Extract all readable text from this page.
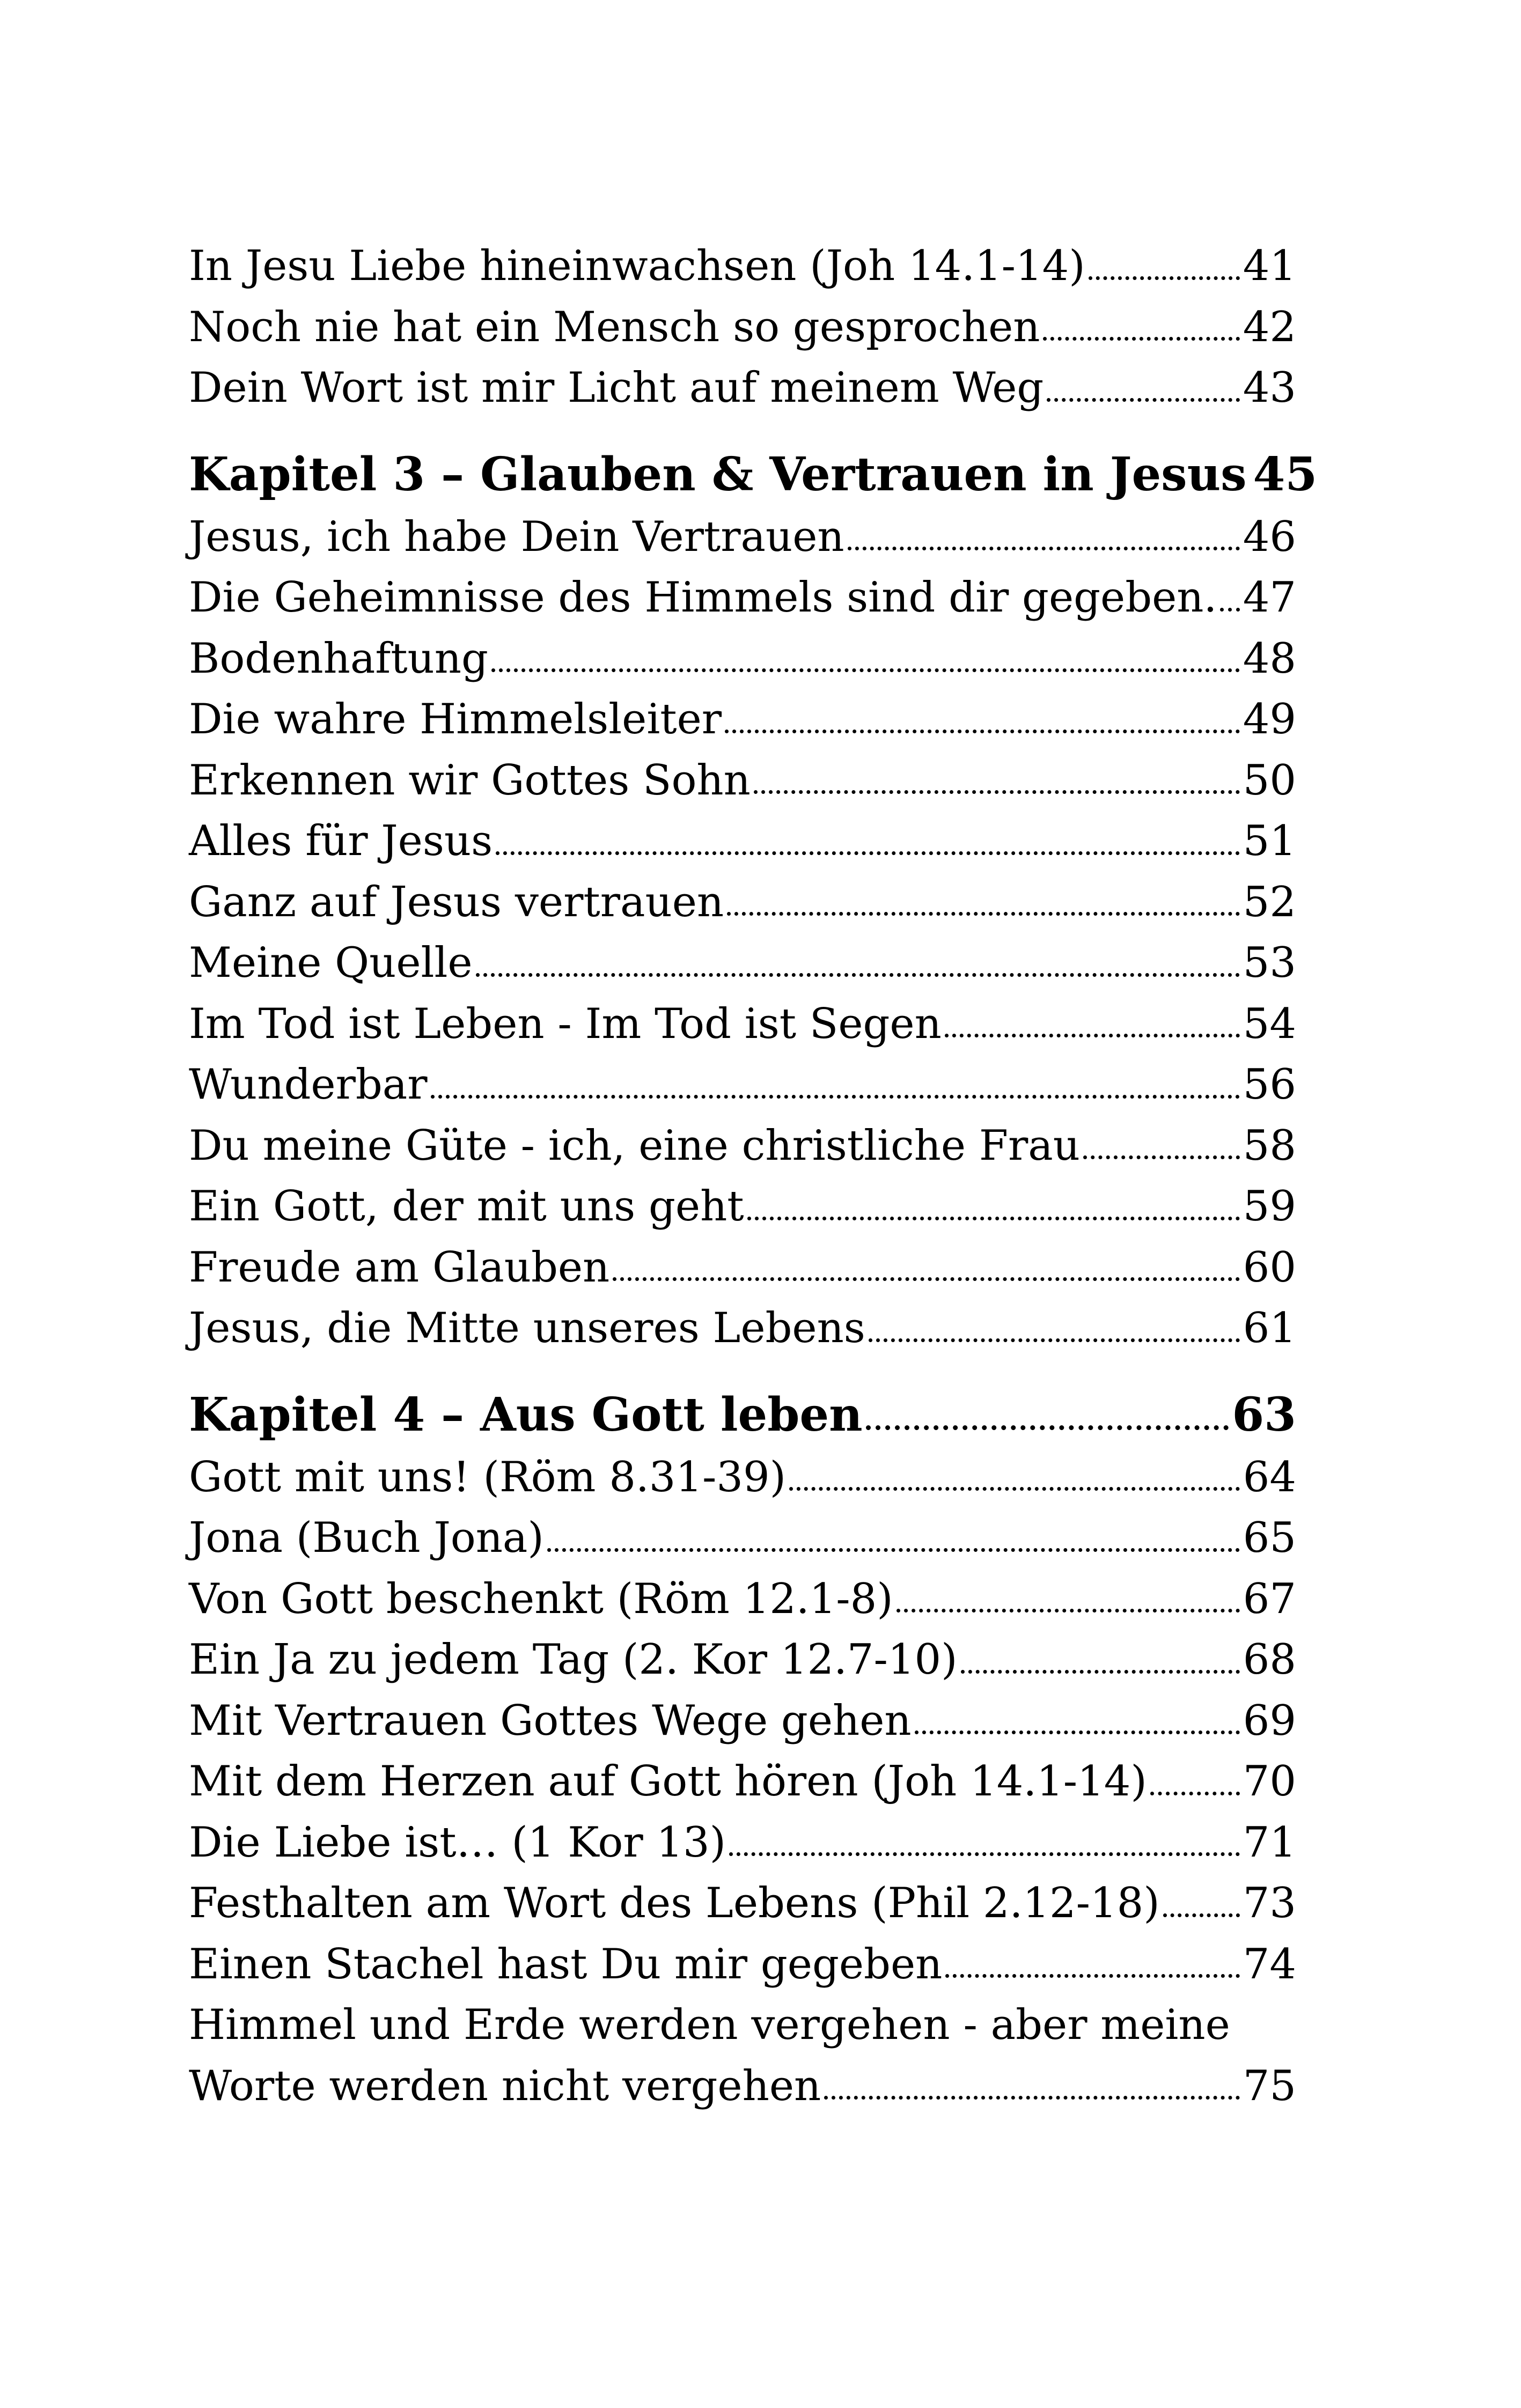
In Jesu Liebe hineinwachsen (Joh 14.1-14)	41
Noch nie hat ein Mensch so gesprochen	42
Dein Wort ist mir Licht auf meinem Weg	43
Kapitel 3 – Glauben & Vertrauen in Jesus 45
Jesus, ich habe Dein Vertrauen	46
Die Geheimnisse des Himmels sind dir gegeben. 47
Bodenhaftung	48
Die wahre Himmelsleiter	49
Erkennen wir Gottes Sohn	50
Alles für Jesus	51
Ganz auf Jesus vertrauen	52
Meine Quelle	53
Im Tod ist Leben - Im Tod ist Segen	54
Wunderbar	56
Du meine Güte - ich, eine christliche Frau	58
Ein Gott, der mit uns geht	59
Freude am Glauben	60
Jesus, die Mitte unseres Lebens	61
Kapitel 4 – Aus Gott leben	63
Gott mit uns! (Röm 8.31-39)	64
Jona (Buch Jona)	65
Von Gott beschenkt (Röm 12.1-8)	67
Ein Ja zu jedem Tag (2. Kor 12.7-10)	68
Mit Vertrauen Gottes Wege gehen	69
Mit dem Herzen auf Gott hören (Joh 14.1-14) 70
Die Liebe ist… (1 Kor 13)	71
Festhalten am Wort des Lebens (Phil 2.12-18) 73
Einen Stachel hast Du mir gegeben	74
Himmel und Erde werden vergehen - aber meine
Worte werden nicht vergehen	75
